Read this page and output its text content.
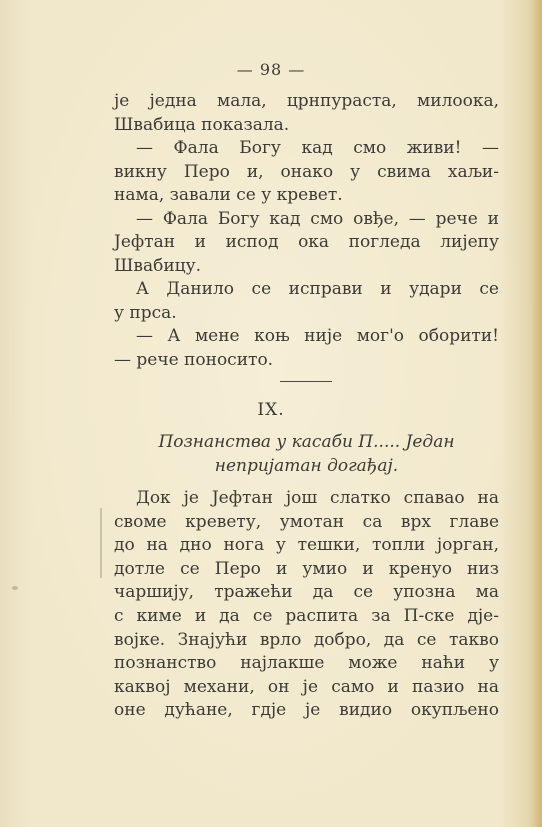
— 98 —
је једна мала, црнпураста, милоока,
Швабица показала.
— Фала Богу кад смо живи! —
викну Перо и, онако у свима хаљи-
нама, завали се у кревет.
— Фала Богу кад смо овђе, — рече и
Јефтан и испод ока погледа лијепу
Швабицу.
А Данило се исправи и удари се
у прса.
— А мене коњ није мог'о оборити!
— рече поносито.
IX.
Познанства у касаби П..... Један
непријатан догађај.
Док је Јефтан још слатко спавао на
своме кревету, умотан са врх главе
до на дно нога у тешки, топли јорган,
дотле се Перо и умио и кренуо низ
чаршију, тражећи да се упозна ма
с киме и да се распита за П-ске дје-
војке. Знајући врло добро, да се такво
познанство најлакше може наћи у
каквој механи, он је само и пазио на
оне дућане, гдје је видио окупљено
